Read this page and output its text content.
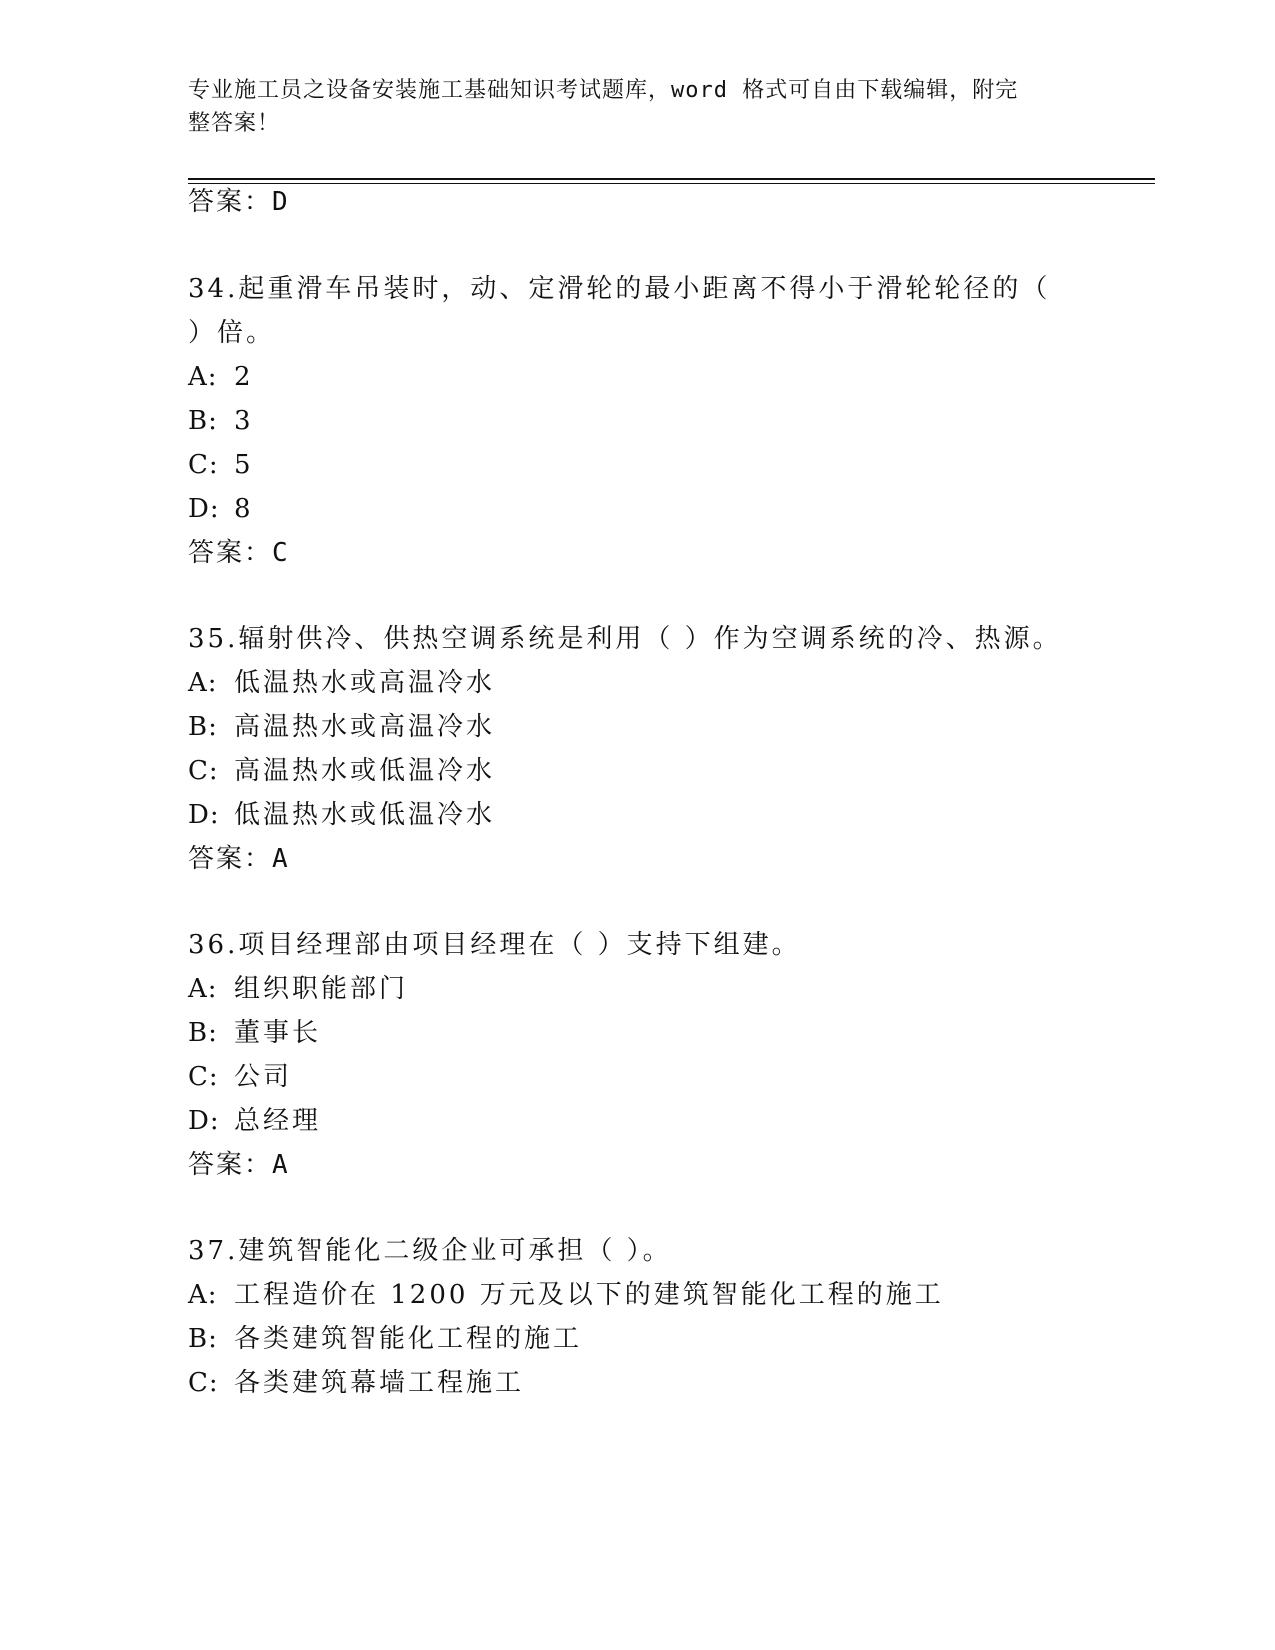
专业施工员之设备安装施工基础知识考试题库，word 格式可自由下载编辑，附完
整答案！
答案：D
34.起重滑车吊装时，动、定滑轮的最小距离不得小于滑轮轮径的（
）倍。
A: 2
B: 3
C: 5
D: 8
答案：C
35.辐射供冷、供热空调系统是利用（ ）作为空调系统的冷、热源。
A: 低温热水或高温冷水
B: 高温热水或高温冷水
C: 高温热水或低温冷水
D: 低温热水或低温冷水
答案：A
36.项目经理部由项目经理在（ ）支持下组建。
A: 组织职能部门
B: 董事长
C: 公司
D: 总经理
答案：A
37.建筑智能化二级企业可承担（ ）。
A: 工程造价在 1200 万元及以下的建筑智能化工程的施工
B: 各类建筑智能化工程的施工
C: 各类建筑幕墙工程施工
